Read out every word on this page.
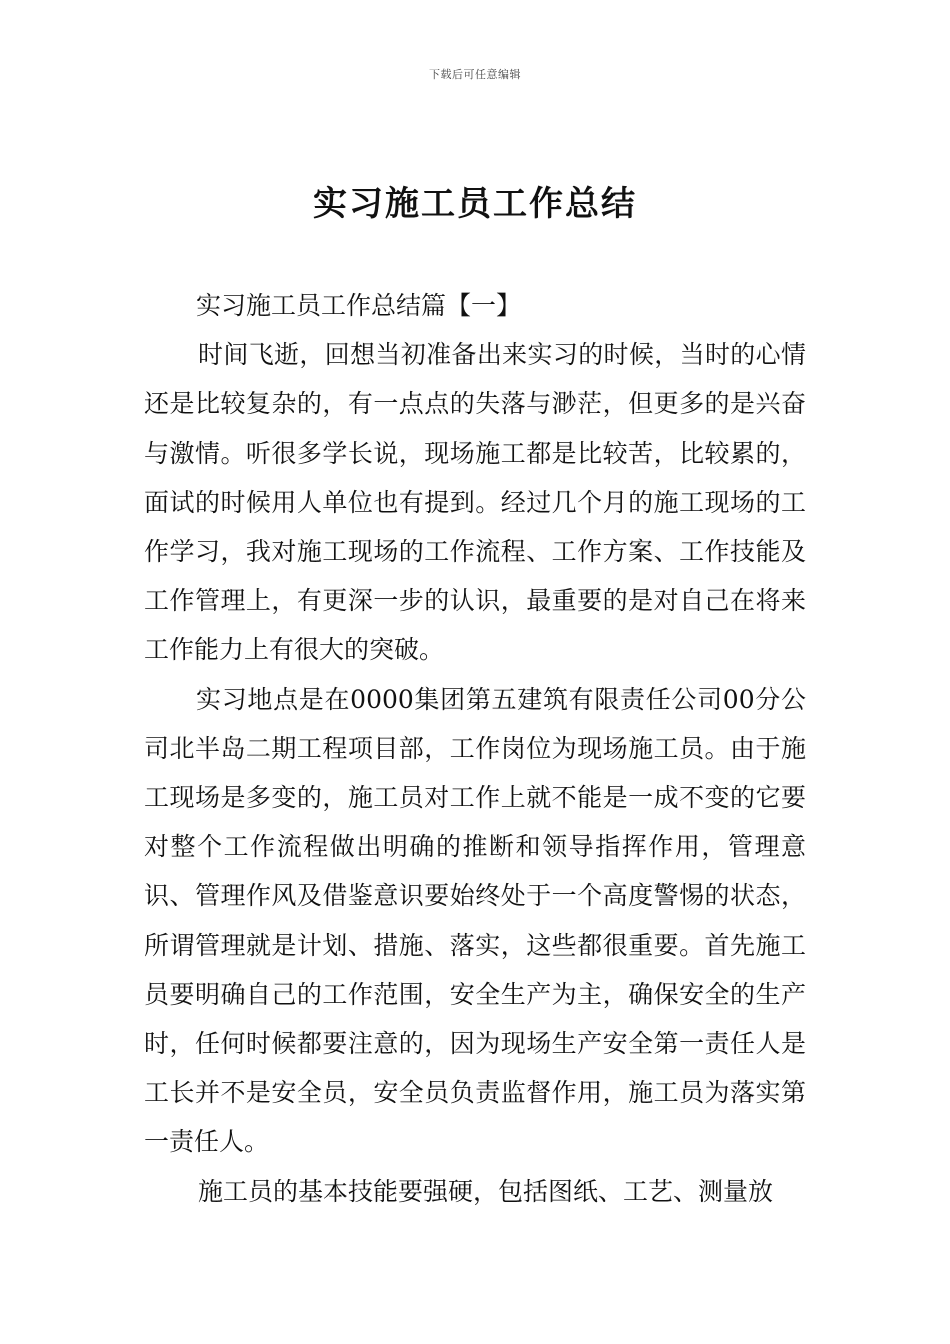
下载后可任意编辑
实习施工员工作总结

实习施工员工作总结篇【一】

时间飞逝，回想当初准备出来实习的时候，当时的心情还是比较复杂的，有一点点的失落与渺茫，但更多的是兴奋与激情。听很多学长说，现场施工都是比较苦，比较累的，面试的时候用人单位也有提到。经过几个月的施工现场的工作学习，我对施工现场的工作流程、工作方案、工作技能及工作管理上，有更深一步的认识，最重要的是对自己在将来工作能力上有很大的突破。

实习地点是在0000集团第五建筑有限责任公司00分公司北半岛二期工程项目部，工作岗位为现场施工员。由于施工现场是多变的，施工员对工作上就不能是一成不变的它要对整个工作流程做出明确的推断和领导指挥作用，管理意识、管理作风及借鉴意识要始终处于一个高度警惕的状态，所谓管理就是计划、措施、落实，这些都很重要。首先施工员要明确自己的工作范围，安全生产为主，确保安全的生产时，任何时候都要注意的，因为现场生产安全第一责任人是工长并不是安全员，安全员负责监督作用，施工员为落实第一责任人。

施工员的基本技能要强硬，包括图纸、工艺、测量放
